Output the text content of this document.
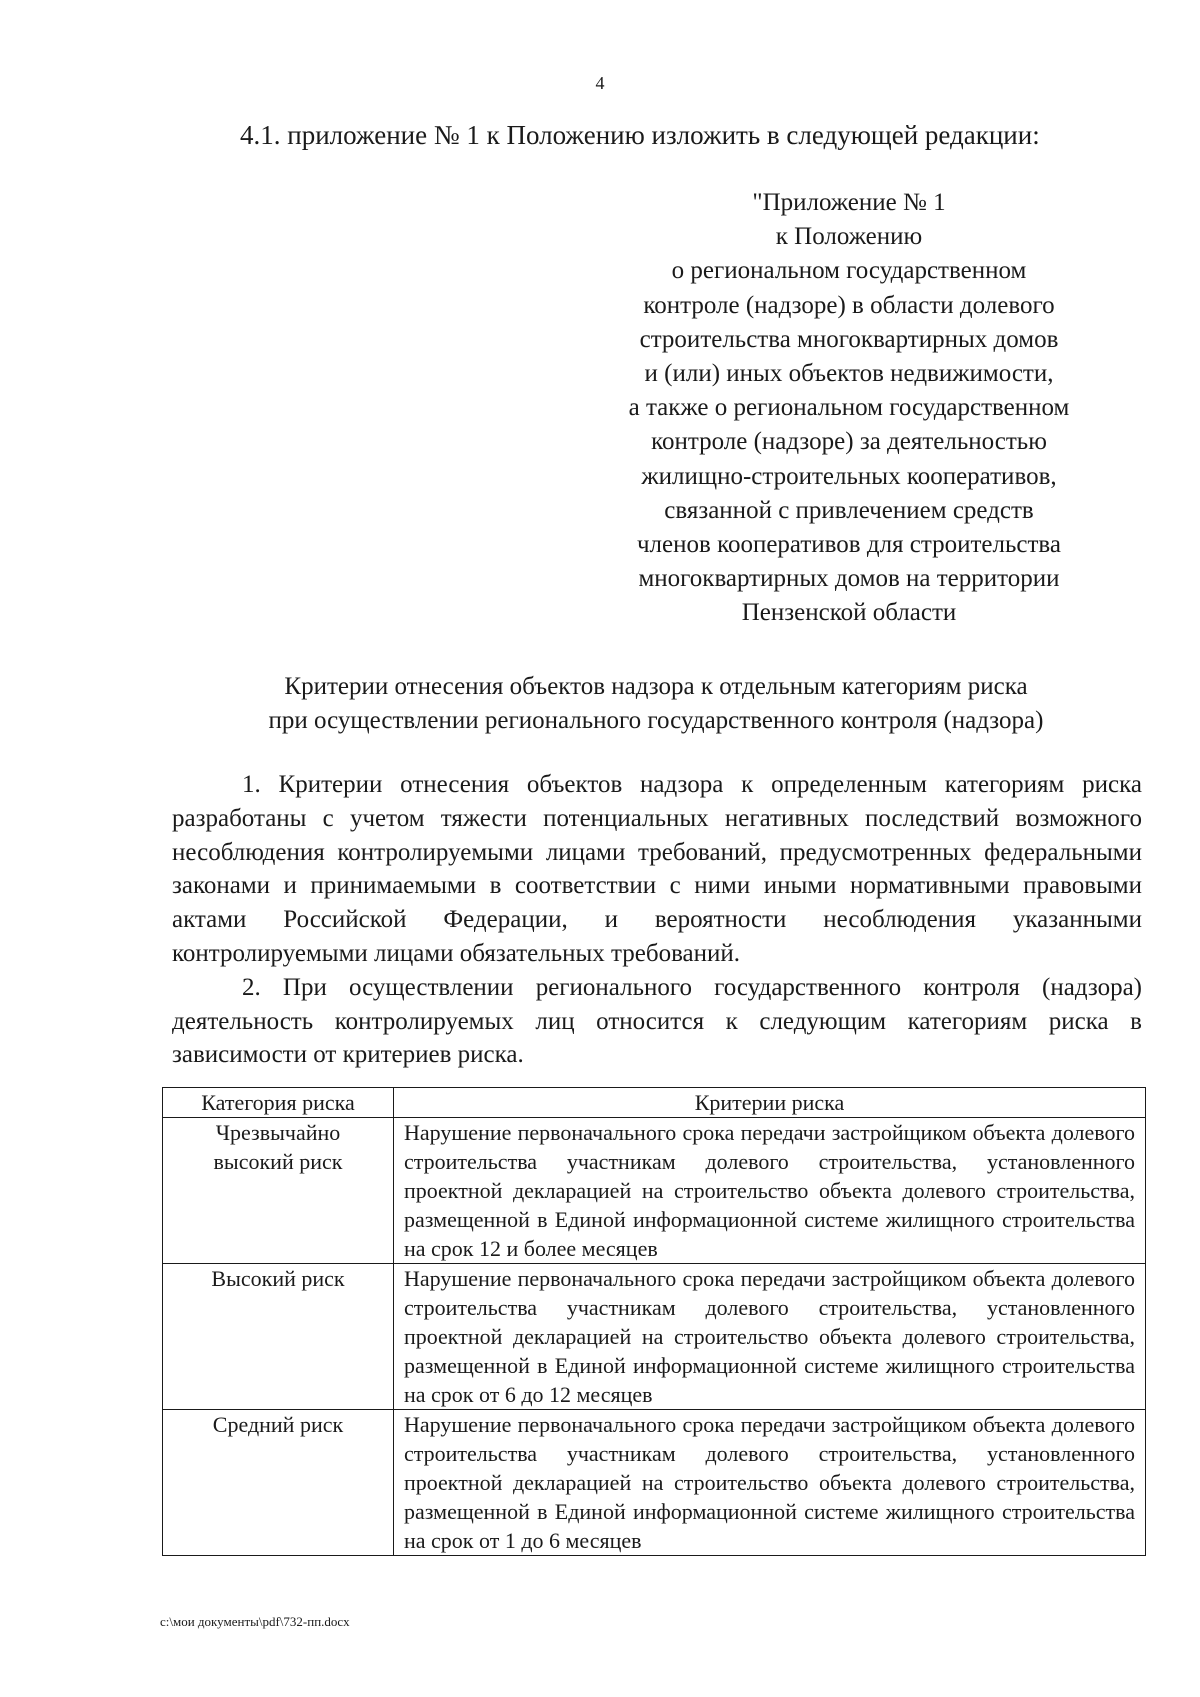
4
4.1. приложение № 1 к Положению изложить в следующей редакции:
"Приложение № 1
к Положению
о региональном государственном
контроле (надзоре) в области долевого
строительства многоквартирных домов
и (или) иных объектов недвижимости,
а также о региональном государственном
контроле (надзоре) за деятельностью
жилищно-строительных кооперативов,
связанной с привлечением средств
членов кооперативов для строительства
многоквартирных домов на территории
Пензенской области
Критерии отнесения объектов надзора к отдельным категориям риска
при осуществлении регионального государственного контроля (надзора)

1. Критерии отнесения объектов надзора к определенным категориям риска разработаны с учетом тяжести потенциальных негативных последствий возможного несоблюдения контролируемыми лицами требований, предусмотренных федеральными законами и принимаемыми в соответствии с ними иными нормативными правовыми актами Российской Федерации, и вероятности несоблюдения указанными контролируемыми лицами обязательных требований.

2. При осуществлении регионального государственного контроля (надзора) деятельность контролируемых лиц относится к следующим категориям риска в зависимости от критериев риска.

Категория риска	Критерии риска
Чрезвычайно высокий риск	Нарушение первоначального срока передачи застройщиком объекта долевого строительства участникам долевого строительства, установленного проектной декларацией на строительство объекта долевого строительства, размещенной в Единой информационной системе жилищного строительства на срок 12 и более месяцев
Высокий риск	Нарушение первоначального срока передачи застройщиком объекта долевого строительства участникам долевого строительства, установленного проектной декларацией на строительство объекта долевого строительства, размещенной в Единой информационной системе жилищного строительства на срок от 6 до 12 месяцев
Средний риск	Нарушение первоначального срока передачи застройщиком объекта долевого строительства участникам долевого строительства, установленного проектной декларацией на строительство объекта долевого строительства, размещенной в Единой информационной системе жилищного строительства на срок от 1 до 6 месяцев
c:\мои документы\pdf\732-пп.docx
